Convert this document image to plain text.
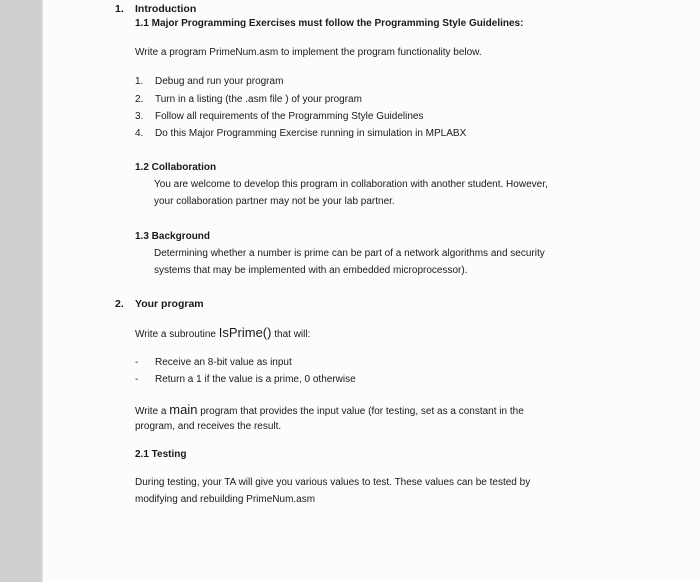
1. Introduction
1.1 Major Programming Exercises must follow the Programming Style Guidelines:
Write a program PrimeNum.asm to implement the program functionality below.
1. Debug and run your program
2. Turn in a listing (the .asm file ) of your program
3. Follow all requirements of the Programming Style Guidelines
4. Do this Major Programming Exercise running in simulation in MPLABX
1.2 Collaboration
You are welcome to develop this program in collaboration with another student. However,
your collaboration partner may not be your lab partner.
1.3 Background
Determining whether a number is prime can be part of a network algorithms and security
systems that may be implemented with an embedded microprocessor).
2. Your program
Write a subroutine IsPrime() that will:
- Receive an 8-bit value as input
- Return a 1 if the value is a prime, 0 otherwise
Write a main program that provides the input value (for testing, set as a constant in the
program, and receives the result.
2.1 Testing
During testing, your TA will give you various values to test. These values can be tested by
modifying and rebuilding PrimeNum.asm
